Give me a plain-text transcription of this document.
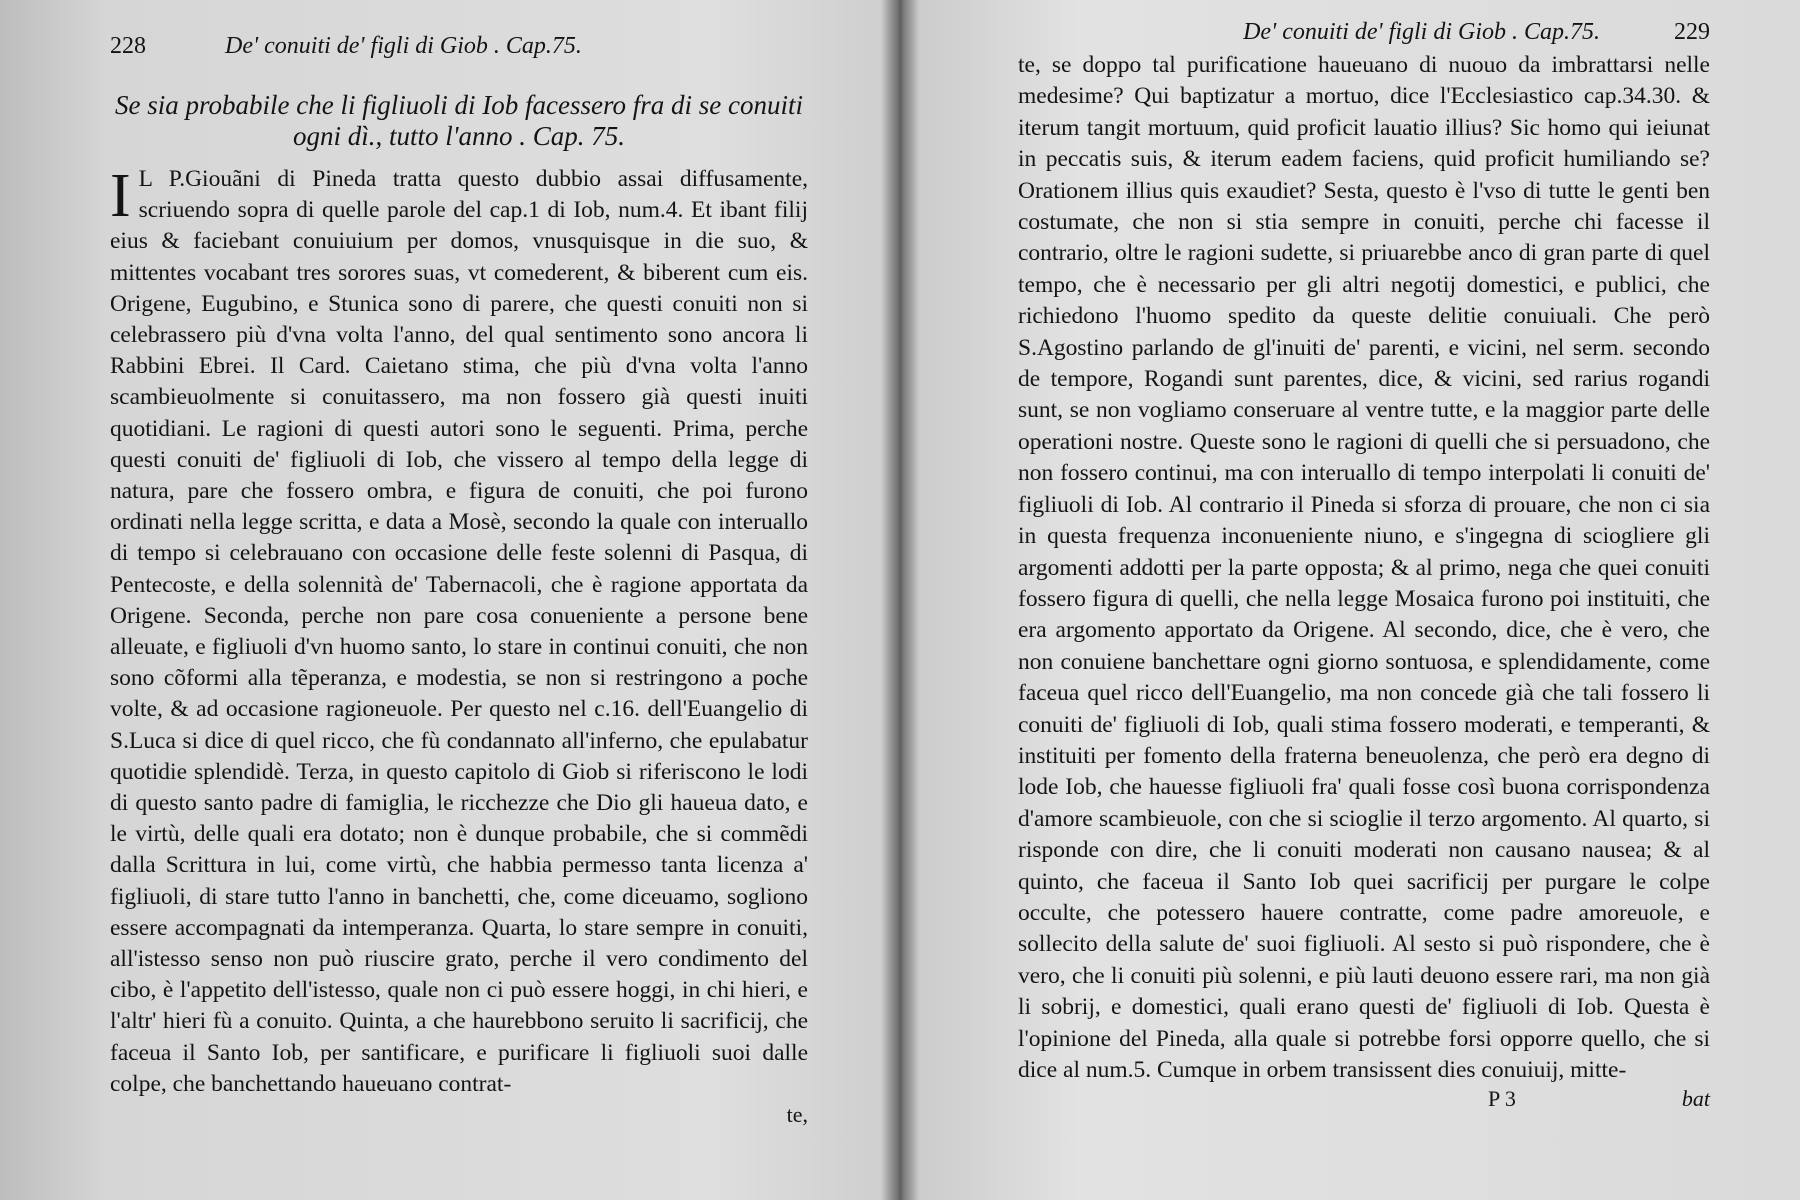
228	De' conuiti de' figli di Giob . Cap.75.
Se sia probabile che li figliuoli di Iob facessero fra di se conuiti ogni dì., tutto l'anno . Cap. 75.

I L P.Giouãni di Pineda tratta questo dubbio assai diffusamente, scriuendo sopra di quelle parole del cap.1 di Iob, num.4. Et ibant filij eius & faciebant conuiuium per domos, vnusquisque in die suo, & mittentes vocabant tres sorores suas, vt comederent, & biberent cum eis. Origene, Eugubino, e Stunica sono di parere, che questi conuiti non si celebrassero più d'vna volta l'anno, del qual sentimento sono ancora li Rabbini Ebrei. Il Card. Caietano stima, che più d'vna volta l'anno scambieuolmente si conuitassero, ma non fossero già questi inuiti quotidiani. Le ragioni di questi autori sono le seguenti. Prima, perche questi conuiti de' figliuoli di Iob, che vissero al tempo della legge di natura, pare che fossero ombra, e figura de conuiti, che poi furono ordinati nella legge scritta, e data a Mosè, secondo la quale con interuallo di tempo si celebrauano con occasione delle feste solenni di Pasqua, di Pentecoste, e della solennità de' Tabernacoli, che è ragione apportata da Origene. Seconda, perche non pare cosa conueniente a persone bene alleuate, e figliuoli d'vn huomo santo, lo stare in continui conuiti, che non sono cõformi alla tẽperanza, e modestia, se non si restringono a poche volte, & ad occasione ragioneuole. Per questo nel c.16. dell'Euangelio di S.Luca si dice di quel ricco, che fù condannato all'inferno, che epulabatur quotidie splendidè. Terza, in questo capitolo di Giob si riferiscono le lodi di questo santo padre di famiglia, le ricchezze che Dio gli haueua dato, e le virtù, delle quali era dotato; non è dunque probabile, che si commẽdi dalla Scrittura in lui, come virtù, che habbia permesso tanta licenza a' figliuoli, di stare tutto l'anno in banchetti, che, come diceuamo, sogliono essere accompagnati da intemperanza. Quarta, lo stare sempre in conuiti, all'istesso senso non può riuscire grato, perche il vero condimento del cibo, è l'appetito dell'istesso, quale non ci può essere hoggi, in chi hieri, e l'altr' hieri fù a conuito. Quinta, a che haurebbono seruito li sacrificij, che faceua il Santo Iob, per santificare, e purificare li figliuoli suoi dalle colpe, che banchettando haueuano contrat-

te,
De' conuiti de' figli di Giob . Cap.75.	229

te, se doppo tal purificatione haueuano di nuouo da imbrattarsi nelle medesime? Qui baptizatur a mortuo, dice l'Ecclesiastico cap.34.30. & iterum tangit mortuum, quid proficit lauatio illius? Sic homo qui ieiunat in peccatis suis, & iterum eadem faciens, quid proficit humiliando se? Orationem illius quis exaudiet? Sesta, questo è l'vso di tutte le genti ben costumate, che non si stia sempre in conuiti, perche chi facesse il contrario, oltre le ragioni sudette, si priuarebbe anco di gran parte di quel tempo, che è necessario per gli altri negotij domestici, e publici, che richiedono l'huomo spedito da queste delitie conuiuali. Che però S.Agostino parlando de gl'inuiti de' parenti, e vicini, nel serm. secondo de tempore, Rogandi sunt parentes, dice, & vicini, sed rarius rogandi sunt, se non vogliamo conseruare al ventre tutte, e la maggior parte delle operationi nostre. Queste sono le ragioni di quelli che si persuadono, che non fossero continui, ma con interuallo di tempo interpolati li conuiti de' figliuoli di Iob. Al contrario il Pineda si sforza di prouare, che non ci sia in questa frequenza inconueniente niuno, e s'ingegna di sciogliere gli argomenti addotti per la parte opposta; & al primo, nega che quei conuiti fossero figura di quelli, che nella legge Mosaica furono poi instituiti, che era argomento apportato da Origene. Al secondo, dice, che è vero, che non conuiene banchettare ogni giorno sontuosa, e splendidamente, come faceua quel ricco dell'Euangelio, ma non concede già che tali fossero li conuiti de' figliuoli di Iob, quali stima fossero moderati, e temperanti, & instituiti per fomento della fraterna beneuolenza, che però era degno di lode Iob, che hauesse figliuoli fra' quali fosse così buona corrispondenza d'amore scambieuole, con che si scioglie il terzo argomento. Al quarto, si risponde con dire, che li conuiti moderati non causano nausea; & al quinto, che faceua il Santo Iob quei sacrificij per purgare le colpe occulte, che potessero hauere contratte, come padre amoreuole, e sollecito della salute de' suoi figliuoli. Al sesto si può rispondere, che è vero, che li conuiti più solenni, e più lauti deuono essere rari, ma non già li sobrij, e domestici, quali erano questi de' figliuoli di Iob. Questa è l'opinione del Pineda, alla quale si potrebbe forsi opporre quello, che si dice al num.5. Cumque in orbem transissent dies conuiuij, mitte-

P 3	bat
